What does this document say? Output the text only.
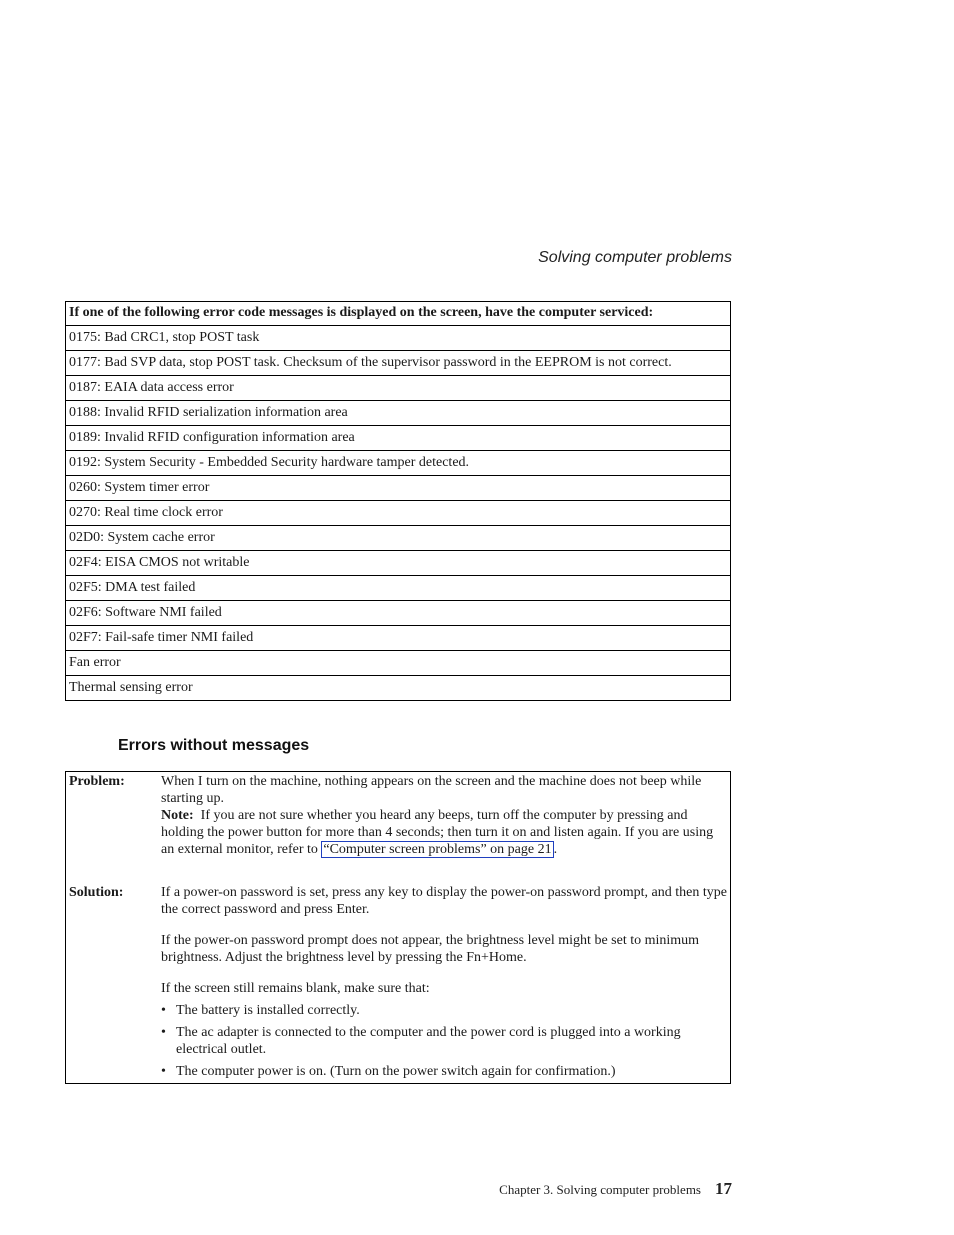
Solving computer problems
If one of the following error code messages is displayed on the screen, have the computer serviced:
0175: Bad CRC1, stop POST task
0177: Bad SVP data, stop POST task. Checksum of the supervisor password in the EEPROM is not correct.
0187: EAIA data access error
0188: Invalid RFID serialization information area
0189: Invalid RFID configuration information area
0192: System Security - Embedded Security hardware tamper detected.
0260: System timer error
0270: Real time clock error
02D0: System cache error
02F4: EISA CMOS not writable
02F5: DMA test failed
02F6: Software NMI failed
02F7: Fail-safe timer NMI failed
Fan error
Thermal sensing error
Errors without messages
Problem:	When I turn on the machine, nothing appears on the screen and the machine does not beep while starting up.

Note: If you are not sure whether you heard any beeps, turn off the computer by pressing and holding the power button for more than 4 seconds; then turn it on and listen again. If you are using an external monitor, refer to “Computer screen problems” on page 21 .

Solution:	If a power-on password is set, press any key to display the power-on password prompt, and then type the correct password and press Enter.

If the power-on password prompt does not appear, the brightness level might be set to minimum brightness. Adjust the brightness level by pressing the Fn+Home.

If the screen still remains blank, make sure that:

• The battery is installed correctly.
• The ac adapter is connected to the computer and the power cord is plugged into a working electrical outlet.
• The computer power is on. (Turn on the power switch again for confirmation.)
Chapter 3. Solving computer problems 17
